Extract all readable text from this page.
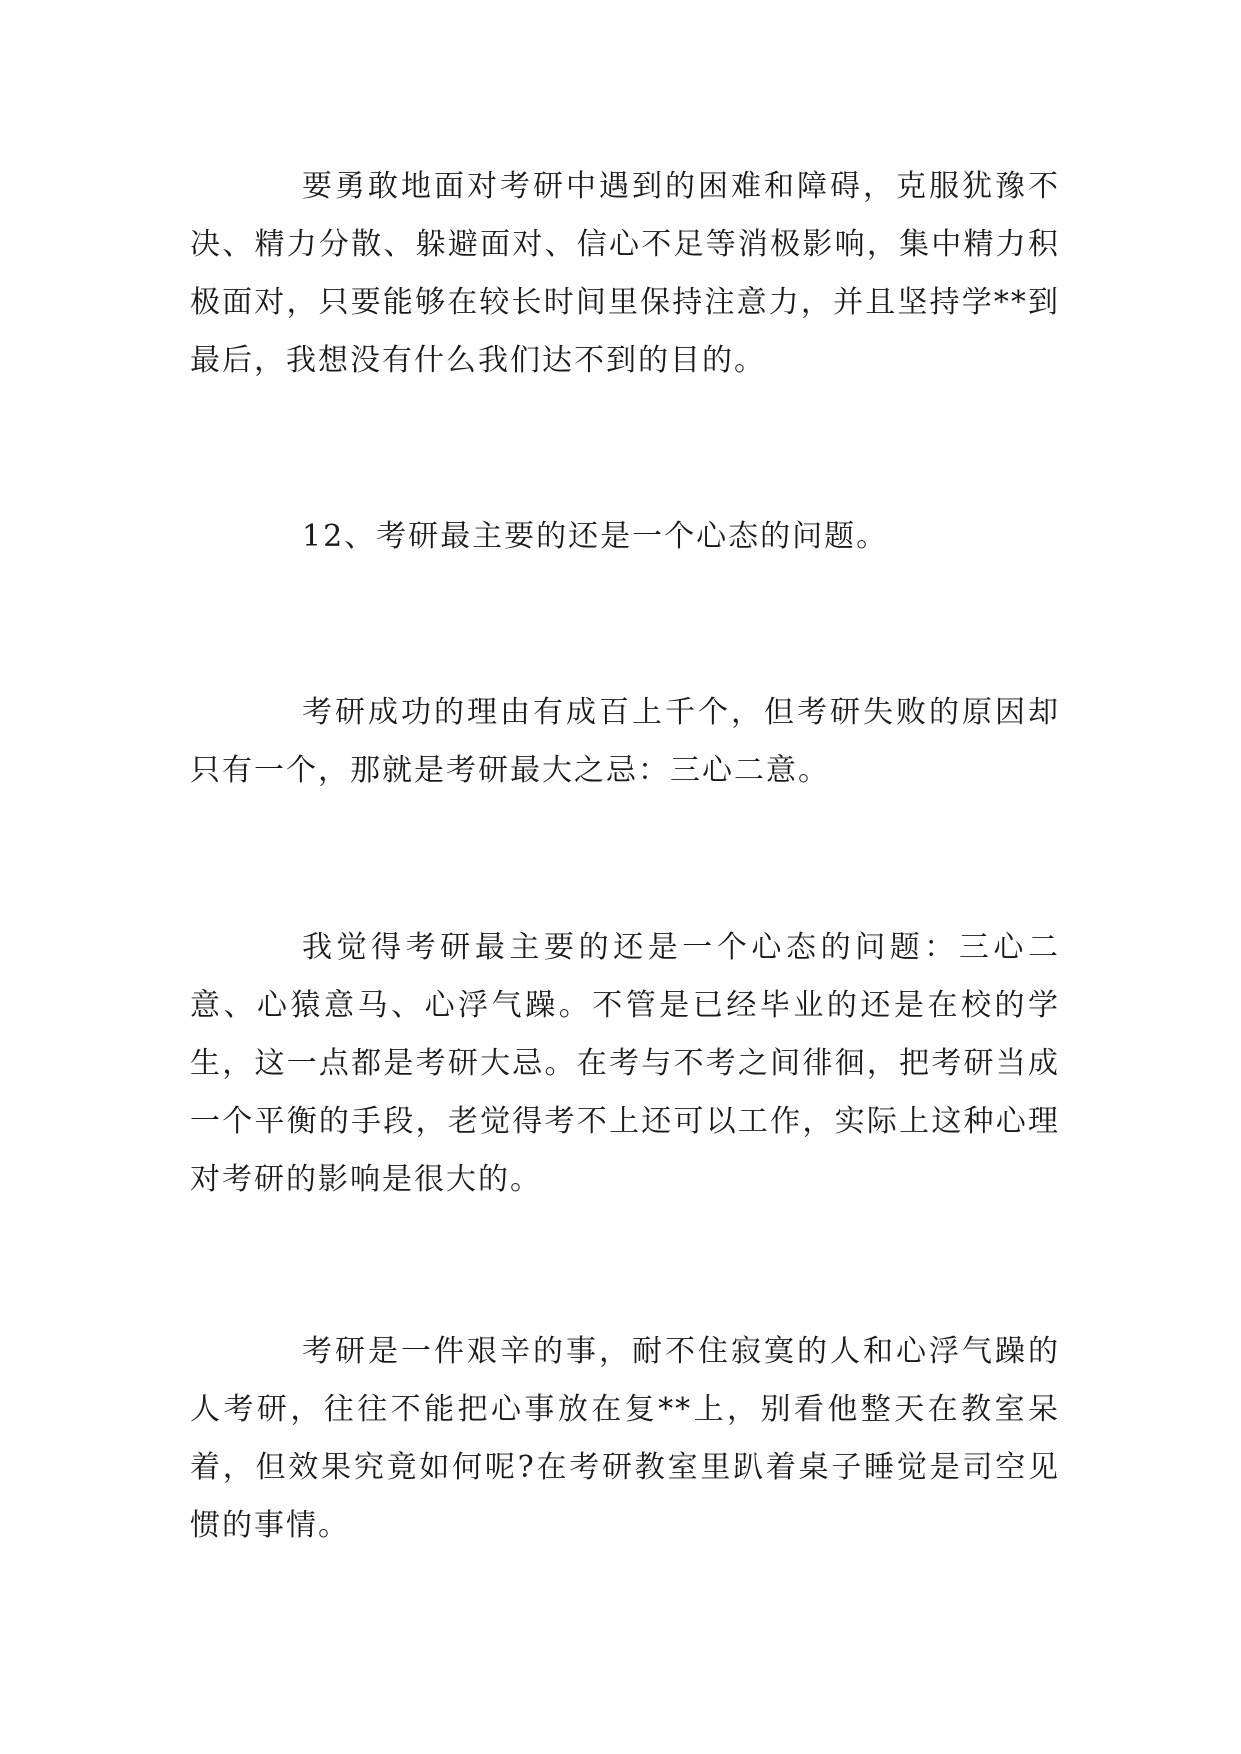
要勇敢地面对考研中遇到的困难和障碍，克服犹豫不决、精力分散、躲避面对、信心不足等消极影响，集中精力积极面对，只要能够在较长时间里保持注意力，并且坚持学**到最后，我想没有什么我们达不到的目的。

12、考研最主要的还是一个心态的问题。

考研成功的理由有成百上千个，但考研失败的原因却只有一个，那就是考研最大之忌：三心二意。

我觉得考研最主要的还是一个心态的问题：三心二意、心猿意马、心浮气躁。不管是已经毕业的还是在校的学生，这一点都是考研大忌。在考与不考之间徘徊，把考研当成一个平衡的手段，老觉得考不上还可以工作，实际上这种心理对考研的影响是很大的。

考研是一件艰辛的事，耐不住寂寞的人和心浮气躁的人考研，往往不能把心事放在复**上，别看他整天在教室呆着，但效果究竟如何呢?在考研教室里趴着桌子睡觉是司空见惯的事情。
